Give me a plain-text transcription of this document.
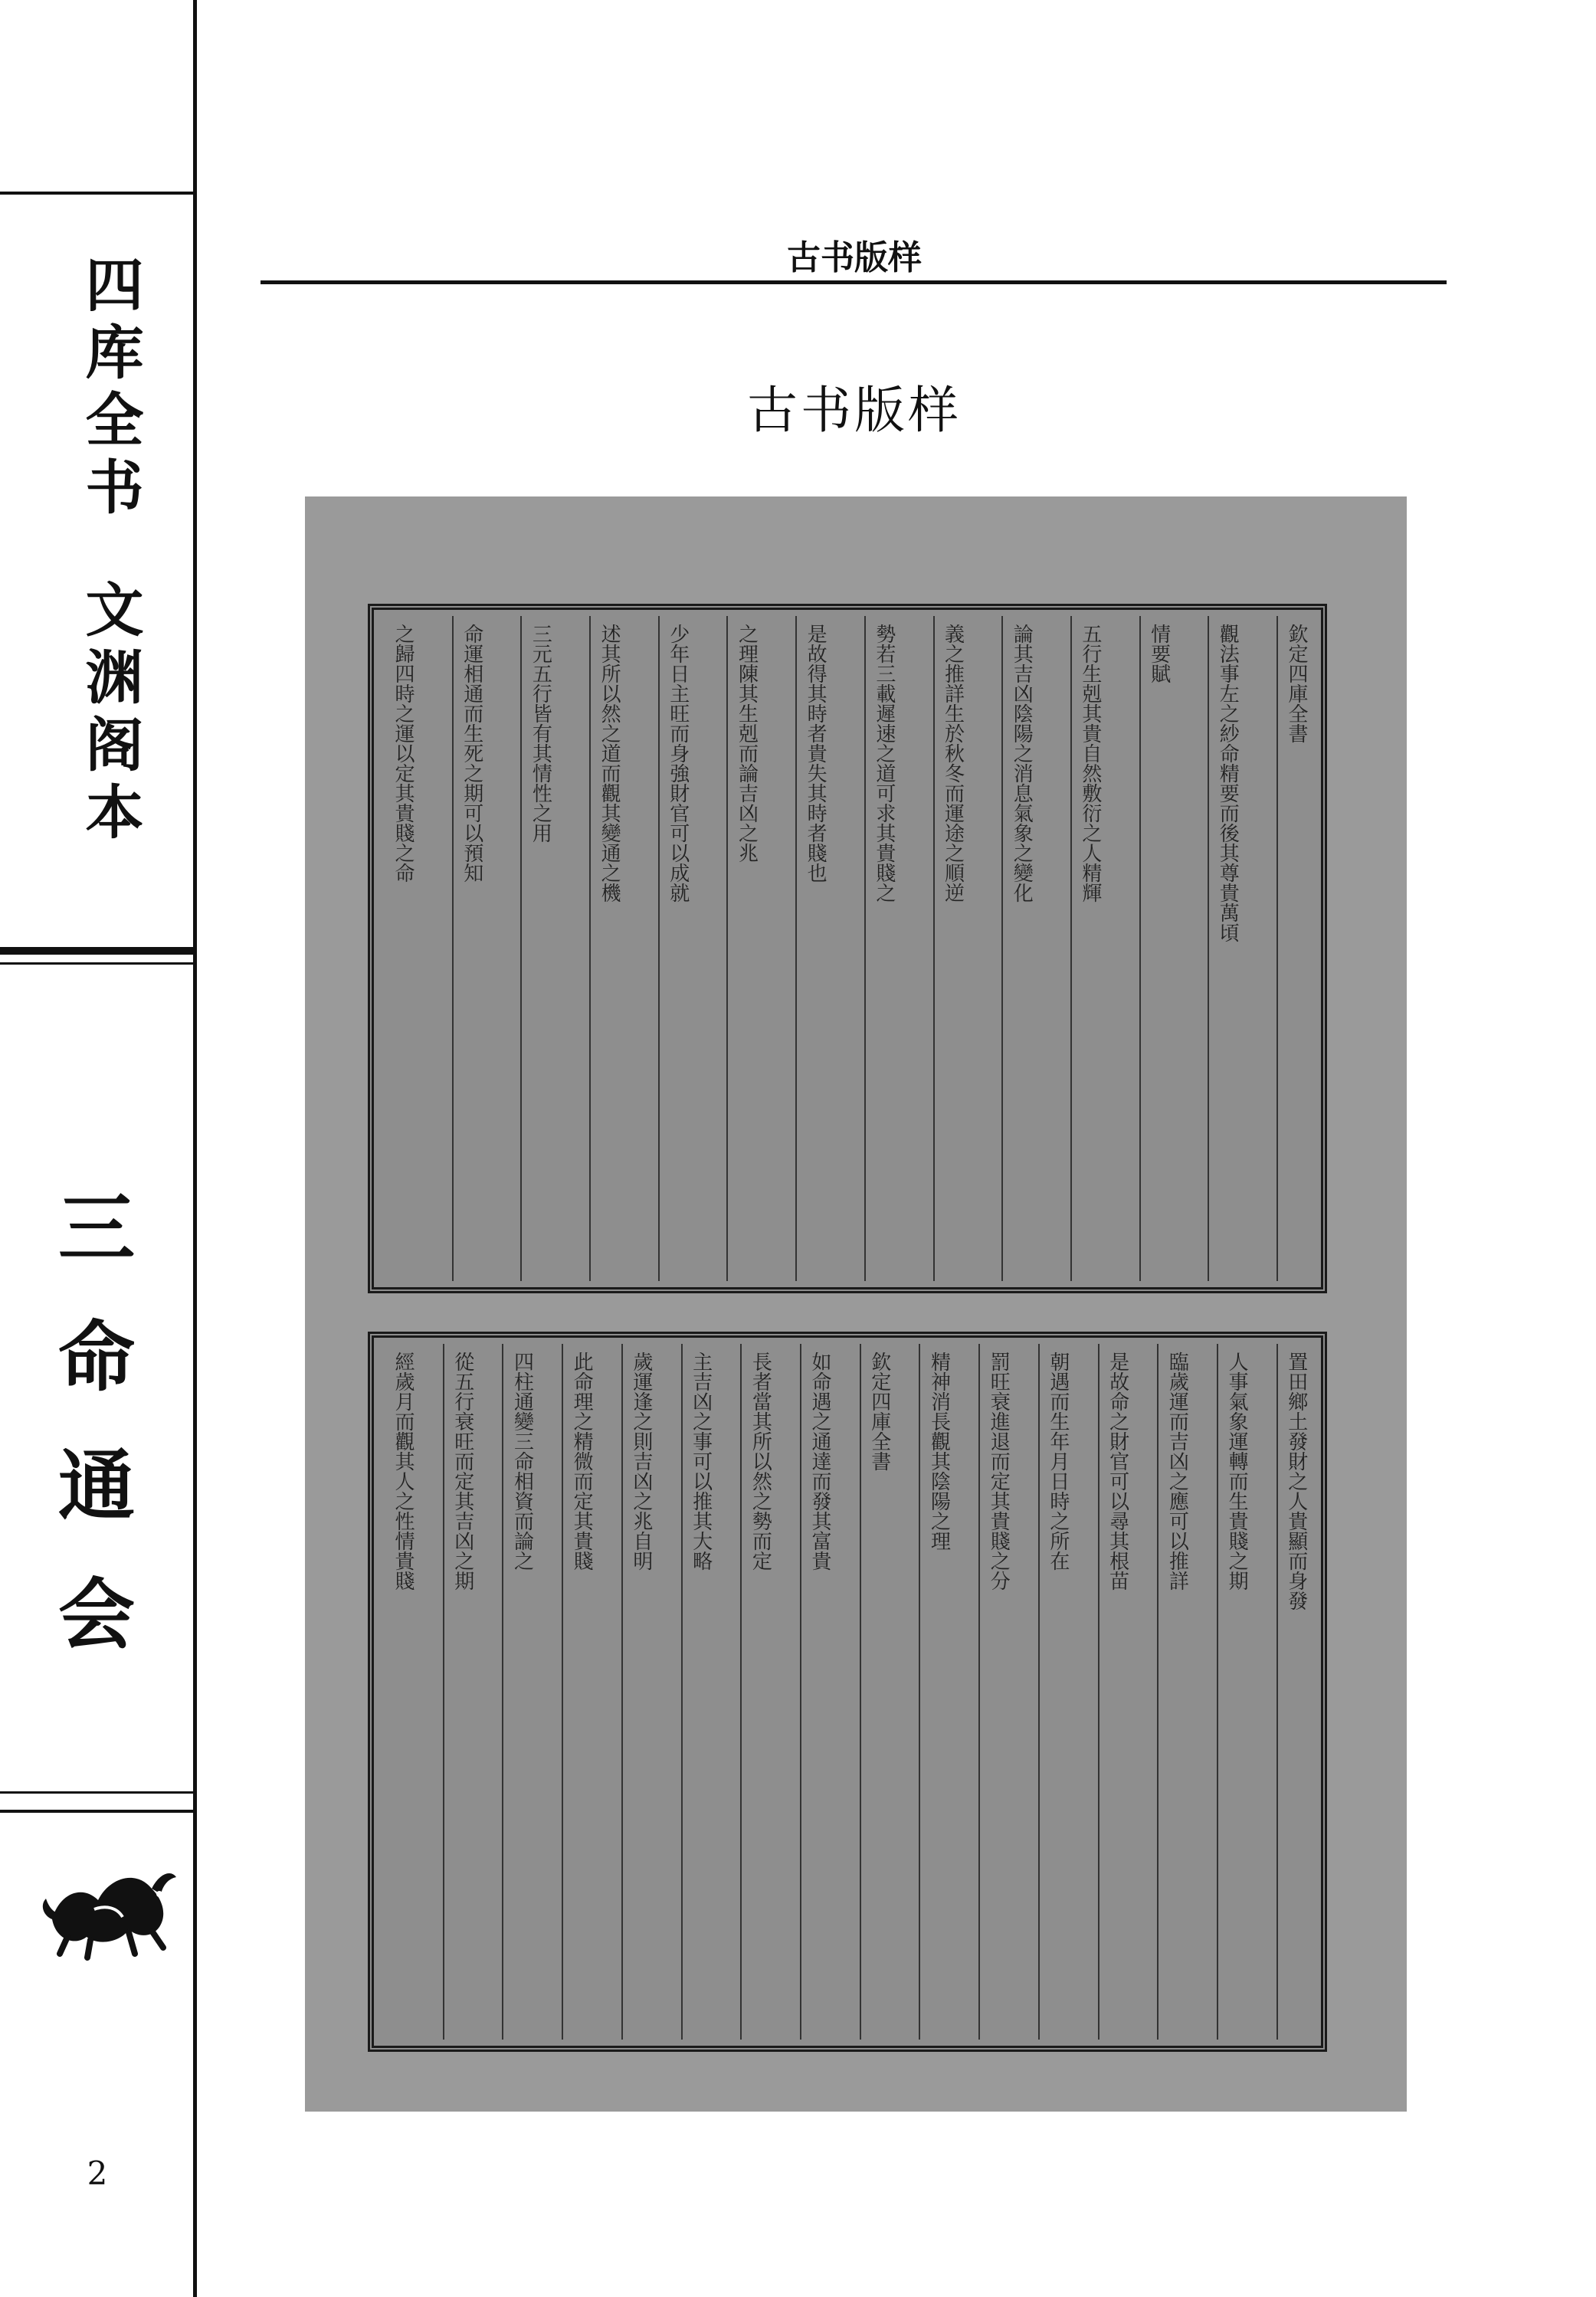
四库全书
文渊阁本
三命通会
2
古书版样
古书版样
欽定四庫全書
觀法事左之紗命精要而後其尊貴萬頃
情要賦
五行生剋其貴自然敷衍之人精輝
論其吉凶陰陽之消息氣象之變化
義之推詳生於秋冬而運途之順逆
勢若三載遲速之道可求其貴賤之
是故得其時者貴失其時者賤也
之理陳其生剋而論吉凶之兆
少年日主旺而身強財官可以成就
述其所以然之道而觀其變通之機
三元五行皆有其情性之用
命運相通而生死之期可以預知
之歸四時之運以定其貴賤之命
置田鄉土發財之人貴顯而身發
人事氣象運轉而生貴賤之期
臨歲運而吉凶之應可以推詳
是故命之財官可以尋其根苗
朝遇而生年月日時之所在
罰旺衰進退而定其貴賤之分
精神消長觀其陰陽之理
欽定四庫全書
如命遇之通達而發其富貴
長者當其所以然之勢而定
主吉凶之事可以推其大略
歲運逢之則吉凶之兆自明
此命理之精微而定其貴賤
四柱通變三命相資而論之
從五行衰旺而定其吉凶之期
經歲月而觀其人之性情貴賤
